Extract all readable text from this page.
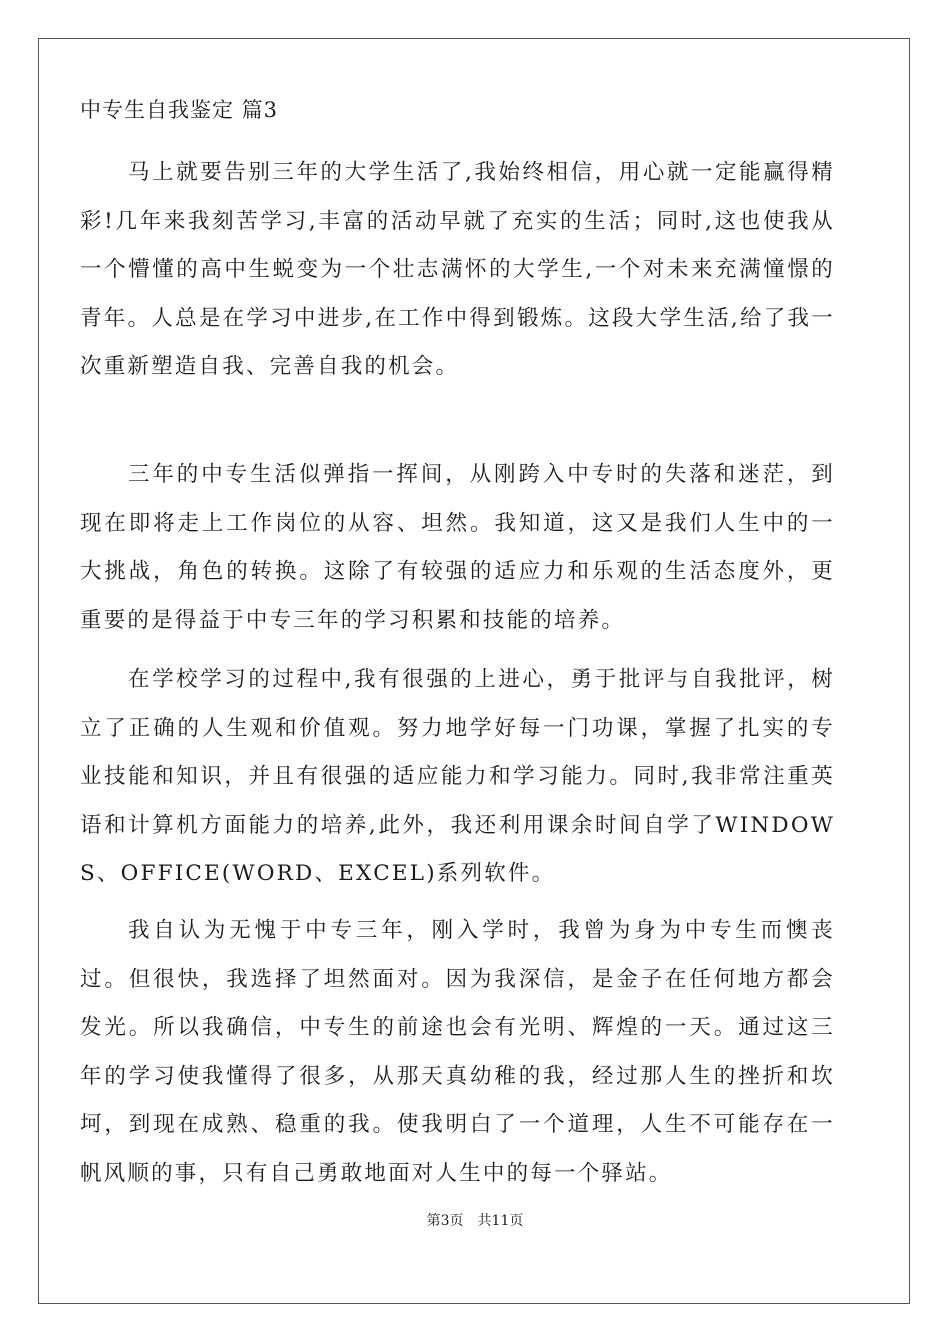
中专生自我鉴定 篇3

马上就要告别三年的大学生活了,我始终相信，用心就一定能赢得精彩!几年来我刻苦学习,丰富的活动早就了充实的生活；同时,这也使我从一个懵懂的高中生蜕变为一个壮志满怀的大学生,一个对未来充满憧憬的青年。人总是在学习中进步,在工作中得到锻炼。这段大学生活,给了我一次重新塑造自我、完善自我的机会。

三年的中专生活似弹指一挥间，从刚跨入中专时的失落和迷茫，到现在即将走上工作岗位的从容、坦然。我知道，这又是我们人生中的一大挑战，角色的转换。这除了有较强的适应力和乐观的生活态度外，更重要的是得益于中专三年的学习积累和技能的培养。

在学校学习的过程中,我有很强的上进心，勇于批评与自我批评，树立了正确的人生观和价值观。努力地学好每一门功课，掌握了扎实的专业技能和知识，并且有很强的适应能力和学习能力。同时,我非常注重英语和计算机方面能力的培养,此外，我还利用课余时间自学了WINDOWS、OFFICE(WORD、EXCEL)系列软件。

我自认为无愧于中专三年，刚入学时，我曾为身为中专生而懊丧过。但很快，我选择了坦然面对。因为我深信，是金子在任何地方都会发光。所以我确信，中专生的前途也会有光明、辉煌的一天。通过这三年的学习使我懂得了很多，从那天真幼稚的我，经过那人生的挫折和坎坷，到现在成熟、稳重的我。使我明白了一个道理，人生不可能存在一帆风顺的事，只有自己勇敢地面对人生中的每一个驿站。

第3页 共11页
